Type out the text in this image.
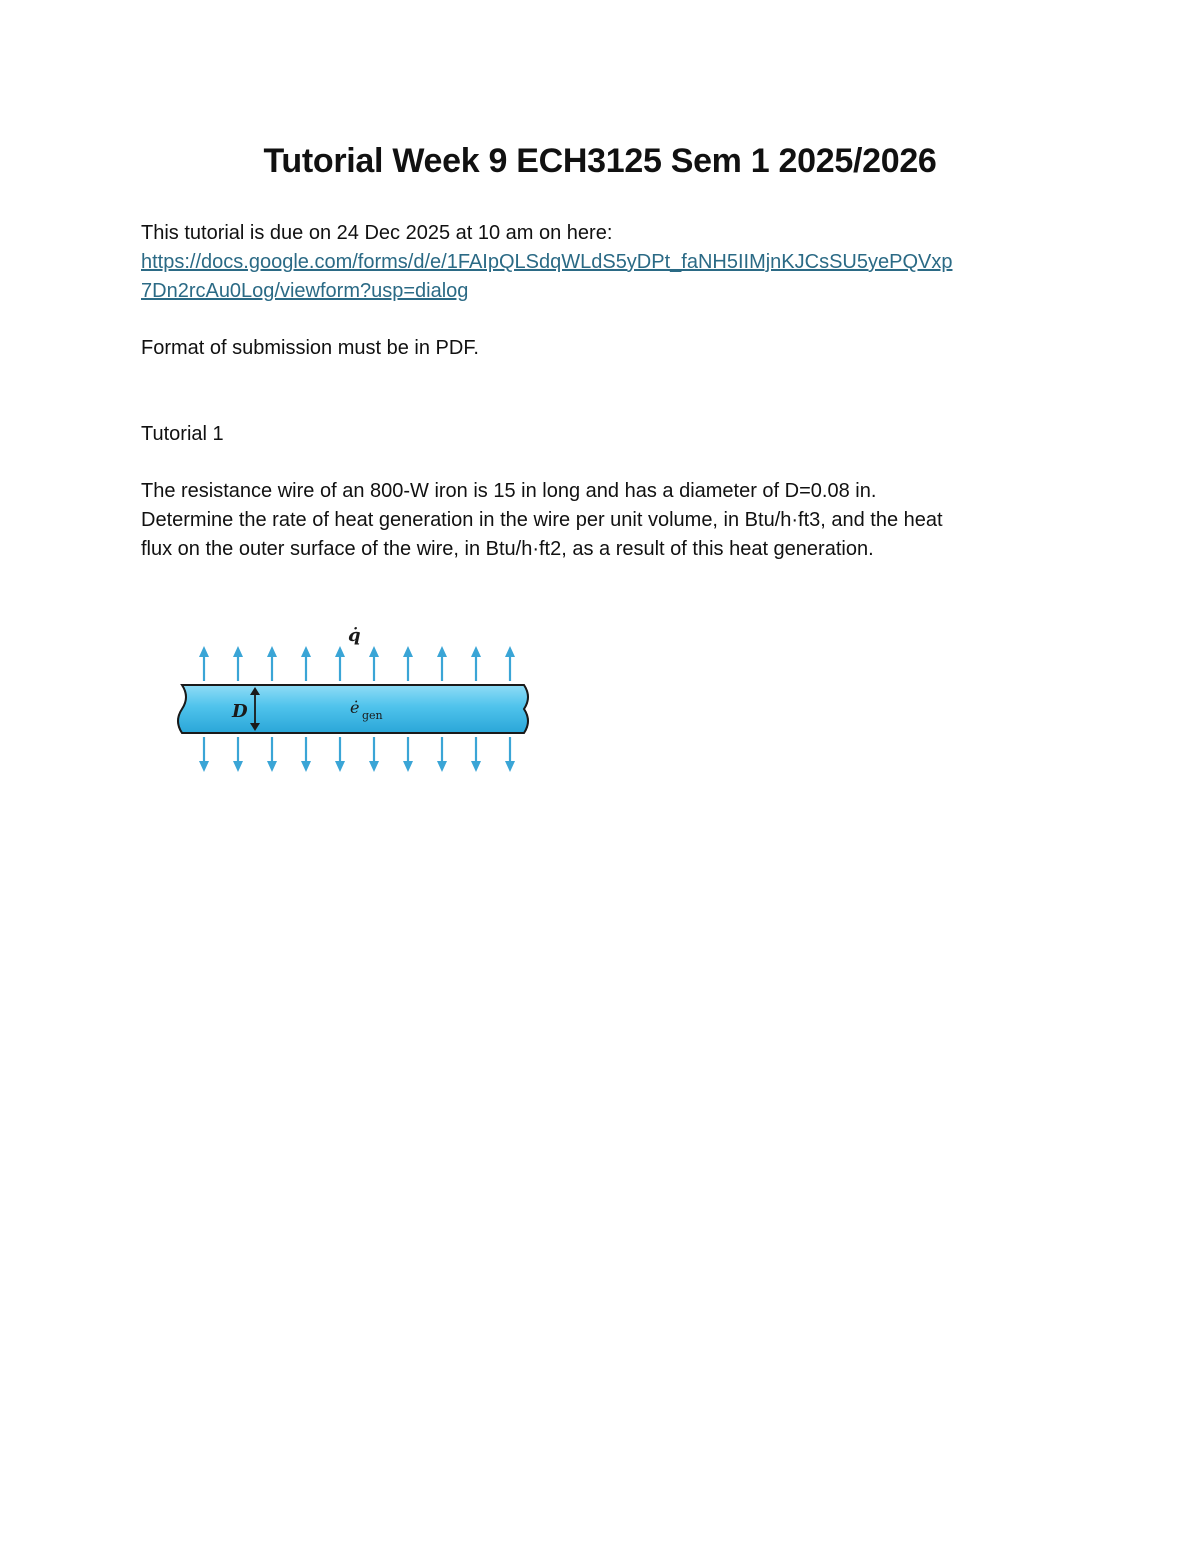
Tutorial Week 9 ECH3125 Sem 1 2025/2026
This tutorial is due on 24 Dec 2025 at 10 am on here:
https://docs.google.com/forms/d/e/1FAIpQLSdqWLdS5yDPt_faNH5IIMjnKJCsSU5yePQVxp
7Dn2rcAu0Log/viewform?usp=dialog
Format of submission must be in PDF.
Tutorial 1
The resistance wire of an 800-W iron is 15 in long and has a diameter of D=0.08 in.
Determine the rate of heat generation in the wire per unit volume, in Btu/h·ft3, and the heat
flux on the outer surface of the wire, in Btu/h·ft2, as a result of this heat generation.
D	ė gen
q̇
